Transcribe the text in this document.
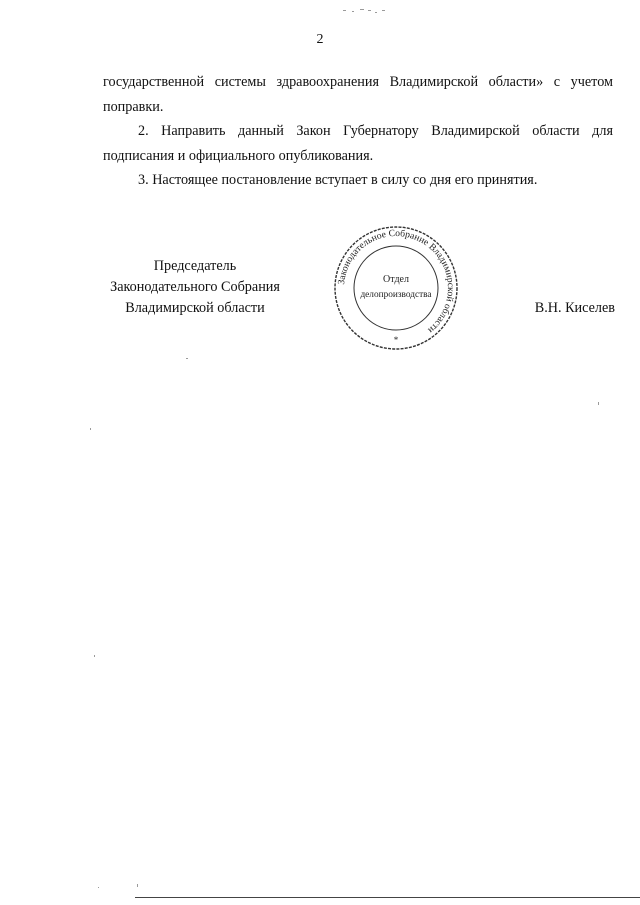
2
государственной системы здравоохранения Владимирской области» с учетом
поправки.
2. Направить данный Закон Губернатору Владимирской области для
подписания и официального опубликования.
3. Настоящее постановление вступает в силу со дня его принятия.
Председатель
Законодательного Собрания
Владимирской области
Законодательное Собрание Владимирской области
Отдел
делопроизводства
*
В.Н. Киселев
